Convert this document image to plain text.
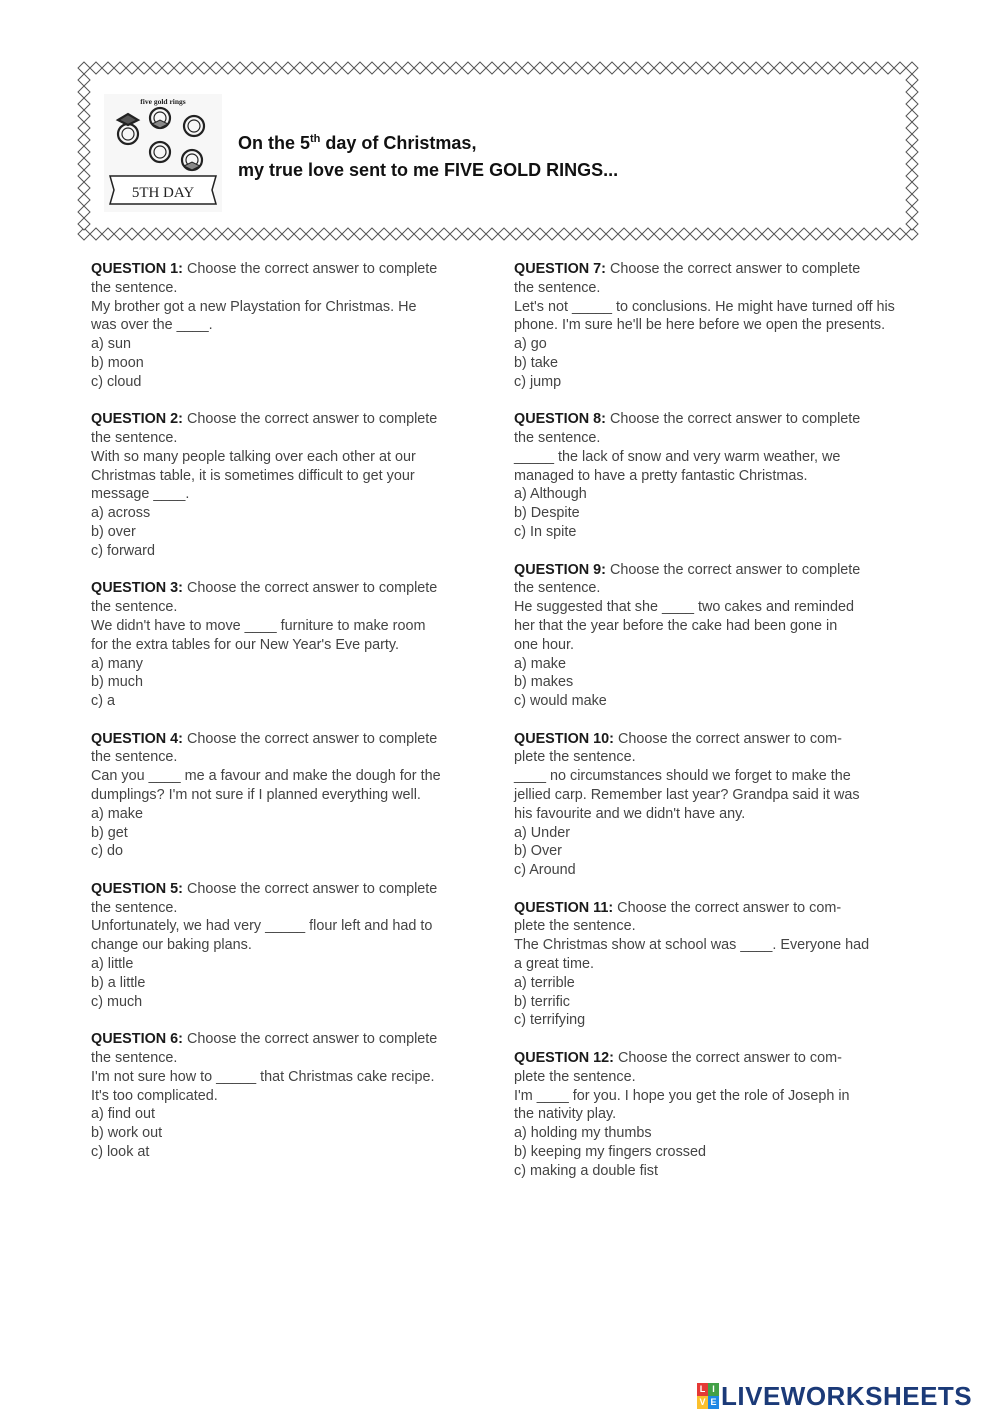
five gold rings
5TH DAY
On the 5th day of Christmas,
my true love sent to me FIVE GOLD RINGS...
QUESTION 1: Choose the correct answer to complete
the sentence.
My brother got a new Playstation for Christmas. He
was over the ____.
a) sun
b) moon
c) cloud
QUESTION 2: Choose the correct answer to complete
the sentence.
With so many people talking over each other at our
Christmas table, it is sometimes difficult to get your
message ____.
a) across
b) over
c) forward
QUESTION 3: Choose the correct answer to complete
the sentence.
We didn't have to move ____ furniture to make room
for the extra tables for our New Year's Eve party.
a) many
b) much
c) a
QUESTION 4: Choose the correct answer to complete
the sentence.
Can you ____ me a favour and make the dough for the
dumplings? I'm not sure if I planned everything well.
a) make
b) get
c) do
QUESTION 5: Choose the correct answer to complete
the sentence.
Unfortunately, we had very _____ flour left and had to
change our baking plans.
a) little
b) a little
c) much
QUESTION 6: Choose the correct answer to complete
the sentence.
I'm not sure how to _____ that Christmas cake recipe.
It's too complicated.
a) find out
b) work out
c) look at
QUESTION 7: Choose the correct answer to complete
the sentence.
Let's not _____ to conclusions. He might have turned off his
phone. I'm sure he'll be here before we open the presents.
a) go
b) take
c) jump
QUESTION 8: Choose the correct answer to complete
the sentence.
_____ the lack of snow and very warm weather, we
managed to have a pretty fantastic Christmas.
a) Although
b) Despite
c) In spite
QUESTION 9: Choose the correct answer to complete
the sentence.
He suggested that she ____ two cakes and reminded
her that the year before the cake had been gone in
one hour.
a) make
b) makes
c) would make
QUESTION 10: Choose the correct answer to com-
plete the sentence.
____ no circumstances should we forget to make the
jellied carp. Remember last year? Grandpa said it was
his favourite and we didn't have any.
a) Under
b) Over
c) Around
QUESTION 11: Choose the correct answer to com-
plete the sentence.
The Christmas show at school was ____. Everyone had
a great time.
a) terrible
b) terrific
c) terrifying
QUESTION 12: Choose the correct answer to com-
plete the sentence.
I'm ____ for you. I hope you get the role of Joseph in
the nativity play.
a) holding my thumbs
b) keeping my fingers crossed
c) making a double fist
L I
V E LIVEWORKSHEETS
